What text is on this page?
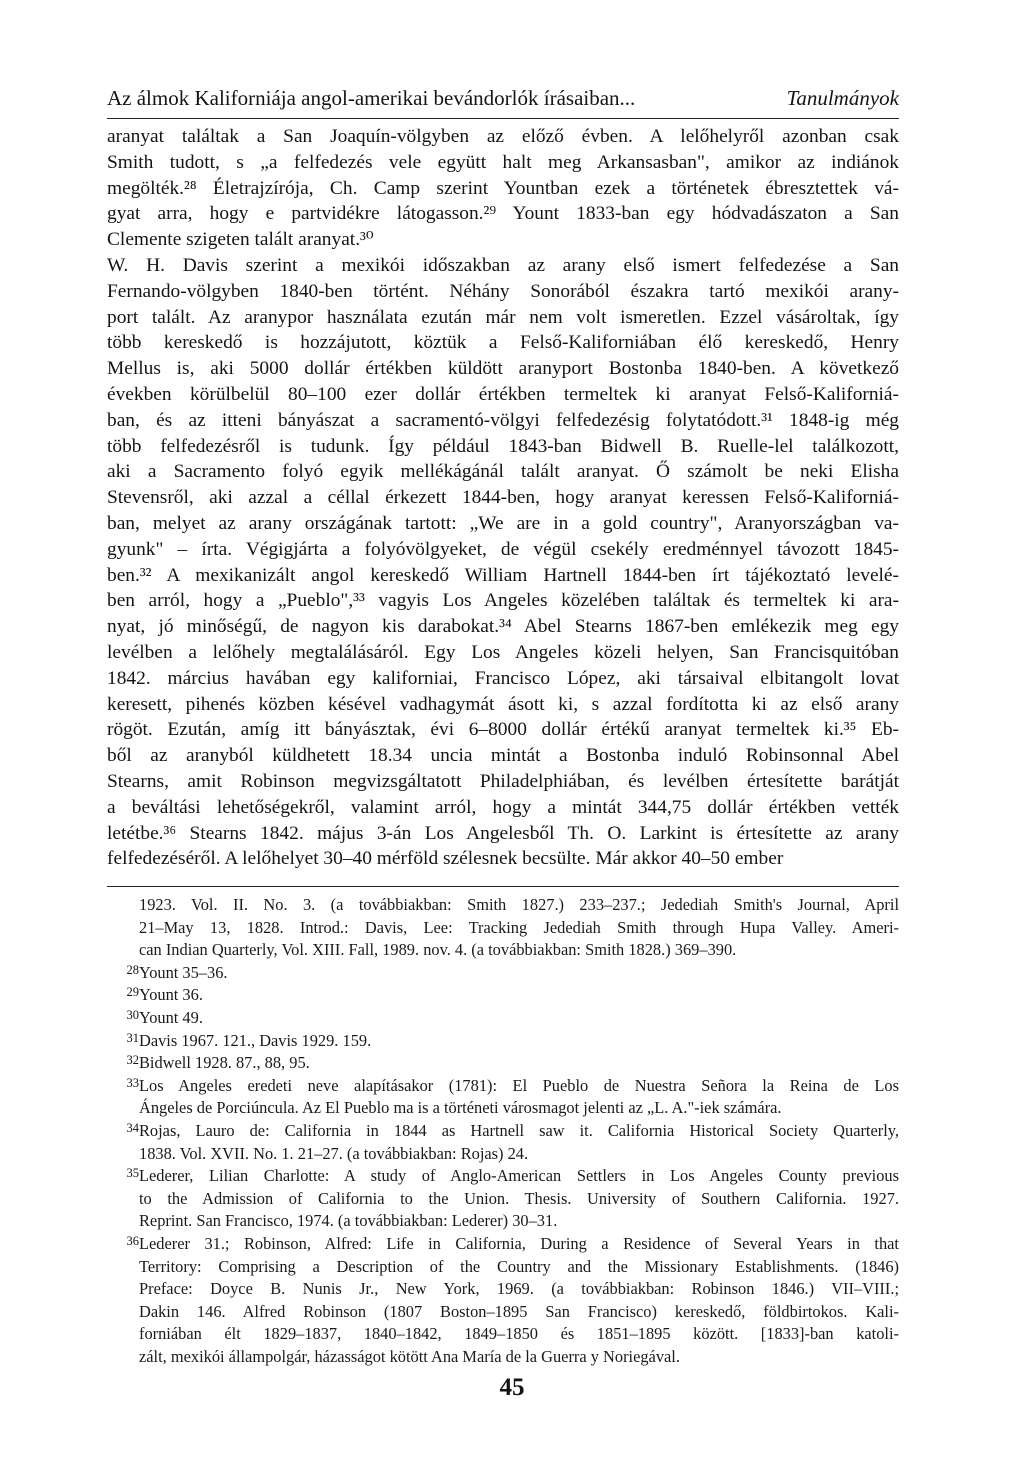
Az álmok Kaliforniája angol-amerikai bevándorlók írásaiban...	Tanulmányok
aranyat találtak a San Joaquín-völgyben az előző évben. A lelőhelyről azonban csak
Smith tudott, s „a felfedezés vele együtt halt meg Arkansasban", amikor az indiánok
megölték.²⁸ Életrajzírója, Ch. Camp szerint Yountban ezek a történetek ébresztettek vá-
gyat arra, hogy e partvidékre látogasson.²⁹ Yount 1833-ban egy hódvadászaton a San
Clemente szigeten talált aranyat.³⁰
W. H. Davis szerint a mexikói időszakban az arany első ismert felfedezése a San
Fernando-völgyben 1840-ben történt. Néhány Sonorából északra tartó mexikói arany-
port talált. Az aranypor használata ezután már nem volt ismeretlen. Ezzel vásároltak, így
több kereskedő is hozzájutott, köztük a Felső-Kaliforniában élő kereskedő, Henry
Mellus is, aki 5000 dollár értékben küldött aranyport Bostonba 1840-ben. A következő
években körülbelül 80–100 ezer dollár értékben termeltek ki aranyat Felső-Kaliforniá-
ban, és az itteni bányászat a sacramentó-völgyi felfedezésig folytatódott.³¹ 1848-ig még
több felfedezésről is tudunk. Így például 1843-ban Bidwell B. Ruelle-lel találkozott,
aki a Sacramento folyó egyik mellékágánál talált aranyat. Ő számolt be neki Elisha
Stevensről, aki azzal a céllal érkezett 1844-ben, hogy aranyat keressen Felső-Kaliforniá-
ban, melyet az arany országának tartott: „We are in a gold country", Aranyországban va-
gyunk" – írta. Végigjárta a folyóvölgyeket, de végül csekély eredménnyel távozott 1845-
ben.³² A mexikanizált angol kereskedő William Hartnell 1844-ben írt tájékoztató levelé-
ben arról, hogy a „Pueblo",³³ vagyis Los Angeles közelében találtak és termeltek ki ara-
nyat, jó minőségű, de nagyon kis darabokat.³⁴ Abel Stearns 1867-ben emlékezik meg egy
levélben a lelőhely megtalálásáról. Egy Los Angeles közeli helyen, San Francisquitóban
1842. március havában egy kaliforniai, Francisco López, aki társaival elbitangolt lovat
keresett, pihenés közben késével vadhagymát ásott ki, s azzal fordította ki az első arany
rögöt. Ezután, amíg itt bányásztak, évi 6–8000 dollár értékű aranyat termeltek ki.³⁵ Eb-
ből az aranyból küldhetett 18.34 uncia mintát a Bostonba induló Robinsonnal Abel
Stearns, amit Robinson megvizsgáltatott Philadelphiában, és levélben értesítette barátját
a beváltási lehetőségekről, valamint arról, hogy a mintát 344,75 dollár értékben vették
letétbe.³⁶ Stearns 1842. május 3-án Los Angelesből Th. O. Larkint is értesítette az arany
felfedezéséről. A lelőhelyet 30–40 mérföld szélesnek becsülte. Már akkor 40–50 ember
1923. Vol. II. No. 3. (a továbbiakban: Smith 1827.) 233–237.; Jedediah Smith's Journal, April
21–May 13, 1828. Introd.: Davis, Lee: Tracking Jedediah Smith through Hupa Valley. Ameri-
can Indian Quarterly, Vol. XIII. Fall, 1989. nov. 4. (a továbbiakban: Smith 1828.) 369–390.
28 Yount 35–36.
29 Yount 36.
30 Yount 49.
31 Davis 1967. 121., Davis 1929. 159.
32 Bidwell 1928. 87., 88, 95.
33 Los Angeles eredeti neve alapításakor (1781): El Pueblo de Nuestra Señora la Reina de Los
Ángeles de Porciúncula. Az El Pueblo ma is a történeti városmagot jelenti az „L. A."-iek számára.
34 Rojas, Lauro de: California in 1844 as Hartnell saw it. California Historical Society Quarterly,
1838. Vol. XVII. No. 1. 21–27. (a továbbiakban: Rojas) 24.
35 Lederer, Lilian Charlotte: A study of Anglo-American Settlers in Los Angeles County previous
to the Admission of California to the Union. Thesis. University of Southern California. 1927.
Reprint. San Francisco, 1974. (a továbbiakban: Lederer) 30–31.
36 Lederer 31.; Robinson, Alfred: Life in California, During a Residence of Several Years in that
Territory: Comprising a Description of the Country and the Missionary Establishments. (1846)
Preface: Doyce B. Nunis Jr., New York, 1969. (a továbbiakban: Robinson 1846.) VII–VIII.;
Dakin 146. Alfred Robinson (1807 Boston–1895 San Francisco) kereskedő, földbirtokos. Kali-
forniában élt 1829–1837, 1840–1842, 1849–1850 és 1851–1895 között. [1833]-ban katoli-
zált, mexikói állampolgár, házasságot kötött Ana María de la Guerra y Noriegával.
45
